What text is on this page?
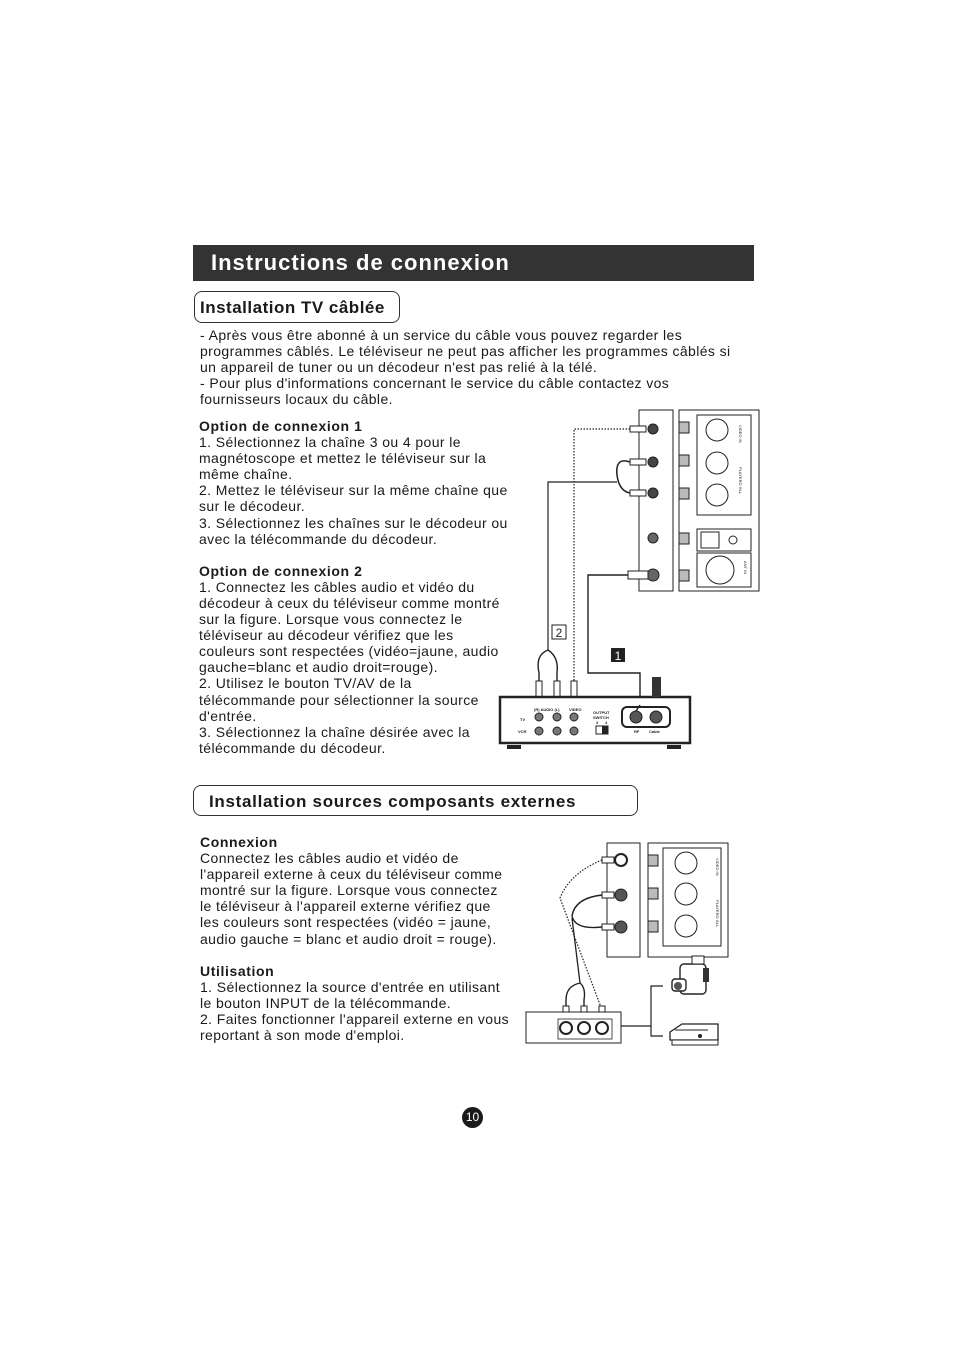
Instructions de connexion
Installation TV câblée

- Après vous être abonné à un service du câble vous pouvez regarder les

programmes câblés. Le téléviseur ne peut pas afficher les programmes câblés si

un appareil de tuner ou un décodeur n'est pas relié à la télé.

- Pour plus d'informations concernant le service du câble contactez vos

fournisseurs locaux du câble.

Option de connexion 1

1. Sélectionnez la chaîne 3 ou 4 pour le

magnétoscope et mettez le téléviseur sur la

même chaîne.

2. Mettez le téléviseur sur la même chaîne que

sur le décodeur.

3. Sélectionnez les chaînes sur le décodeur ou

avec la télécommande du décodeur.

Option de connexion 2

1. Connectez les câbles audio et vidéo du

décodeur à ceux du téléviseur comme montré

sur la figure. Lorsque vous connectez le

téléviseur au décodeur vérifiez que les

couleurs sont respectées (vidéo=jaune, audio

gauche=blanc et audio droit=rouge).

2. Utilisez le bouton TV/AV de la

télécommande pour sélectionner la source

d'entrée.

3. Sélectionnez la chaîne désirée avec la

télécommande du décodeur.

VIDEO IN
PLAYERO IN-L
ANT IN
2
1
TV
VCR
(R) AUDIO (L) VIDEO
OUTPUT
SWITCH
3 4
RF Cable
Installation sources composants externes

Connexion

Connectez les câbles audio et vidéo de

l'appareil externe à ceux du téléviseur comme

montré sur la figure. Lorsque vous connectez

le téléviseur à l'appareil externe vérifiez que

les couleurs sont respectées (vidéo = jaune,

audio gauche = blanc et audio droit = rouge).

Utilisation

1. Sélectionnez la source d'entrée en utilisant

le bouton INPUT de la télécommande.

2. Faites fonctionner l'appareil externe en vous

reportant à son mode d'emploi.

VIDEO IN
PLAYERO IN-L
10
